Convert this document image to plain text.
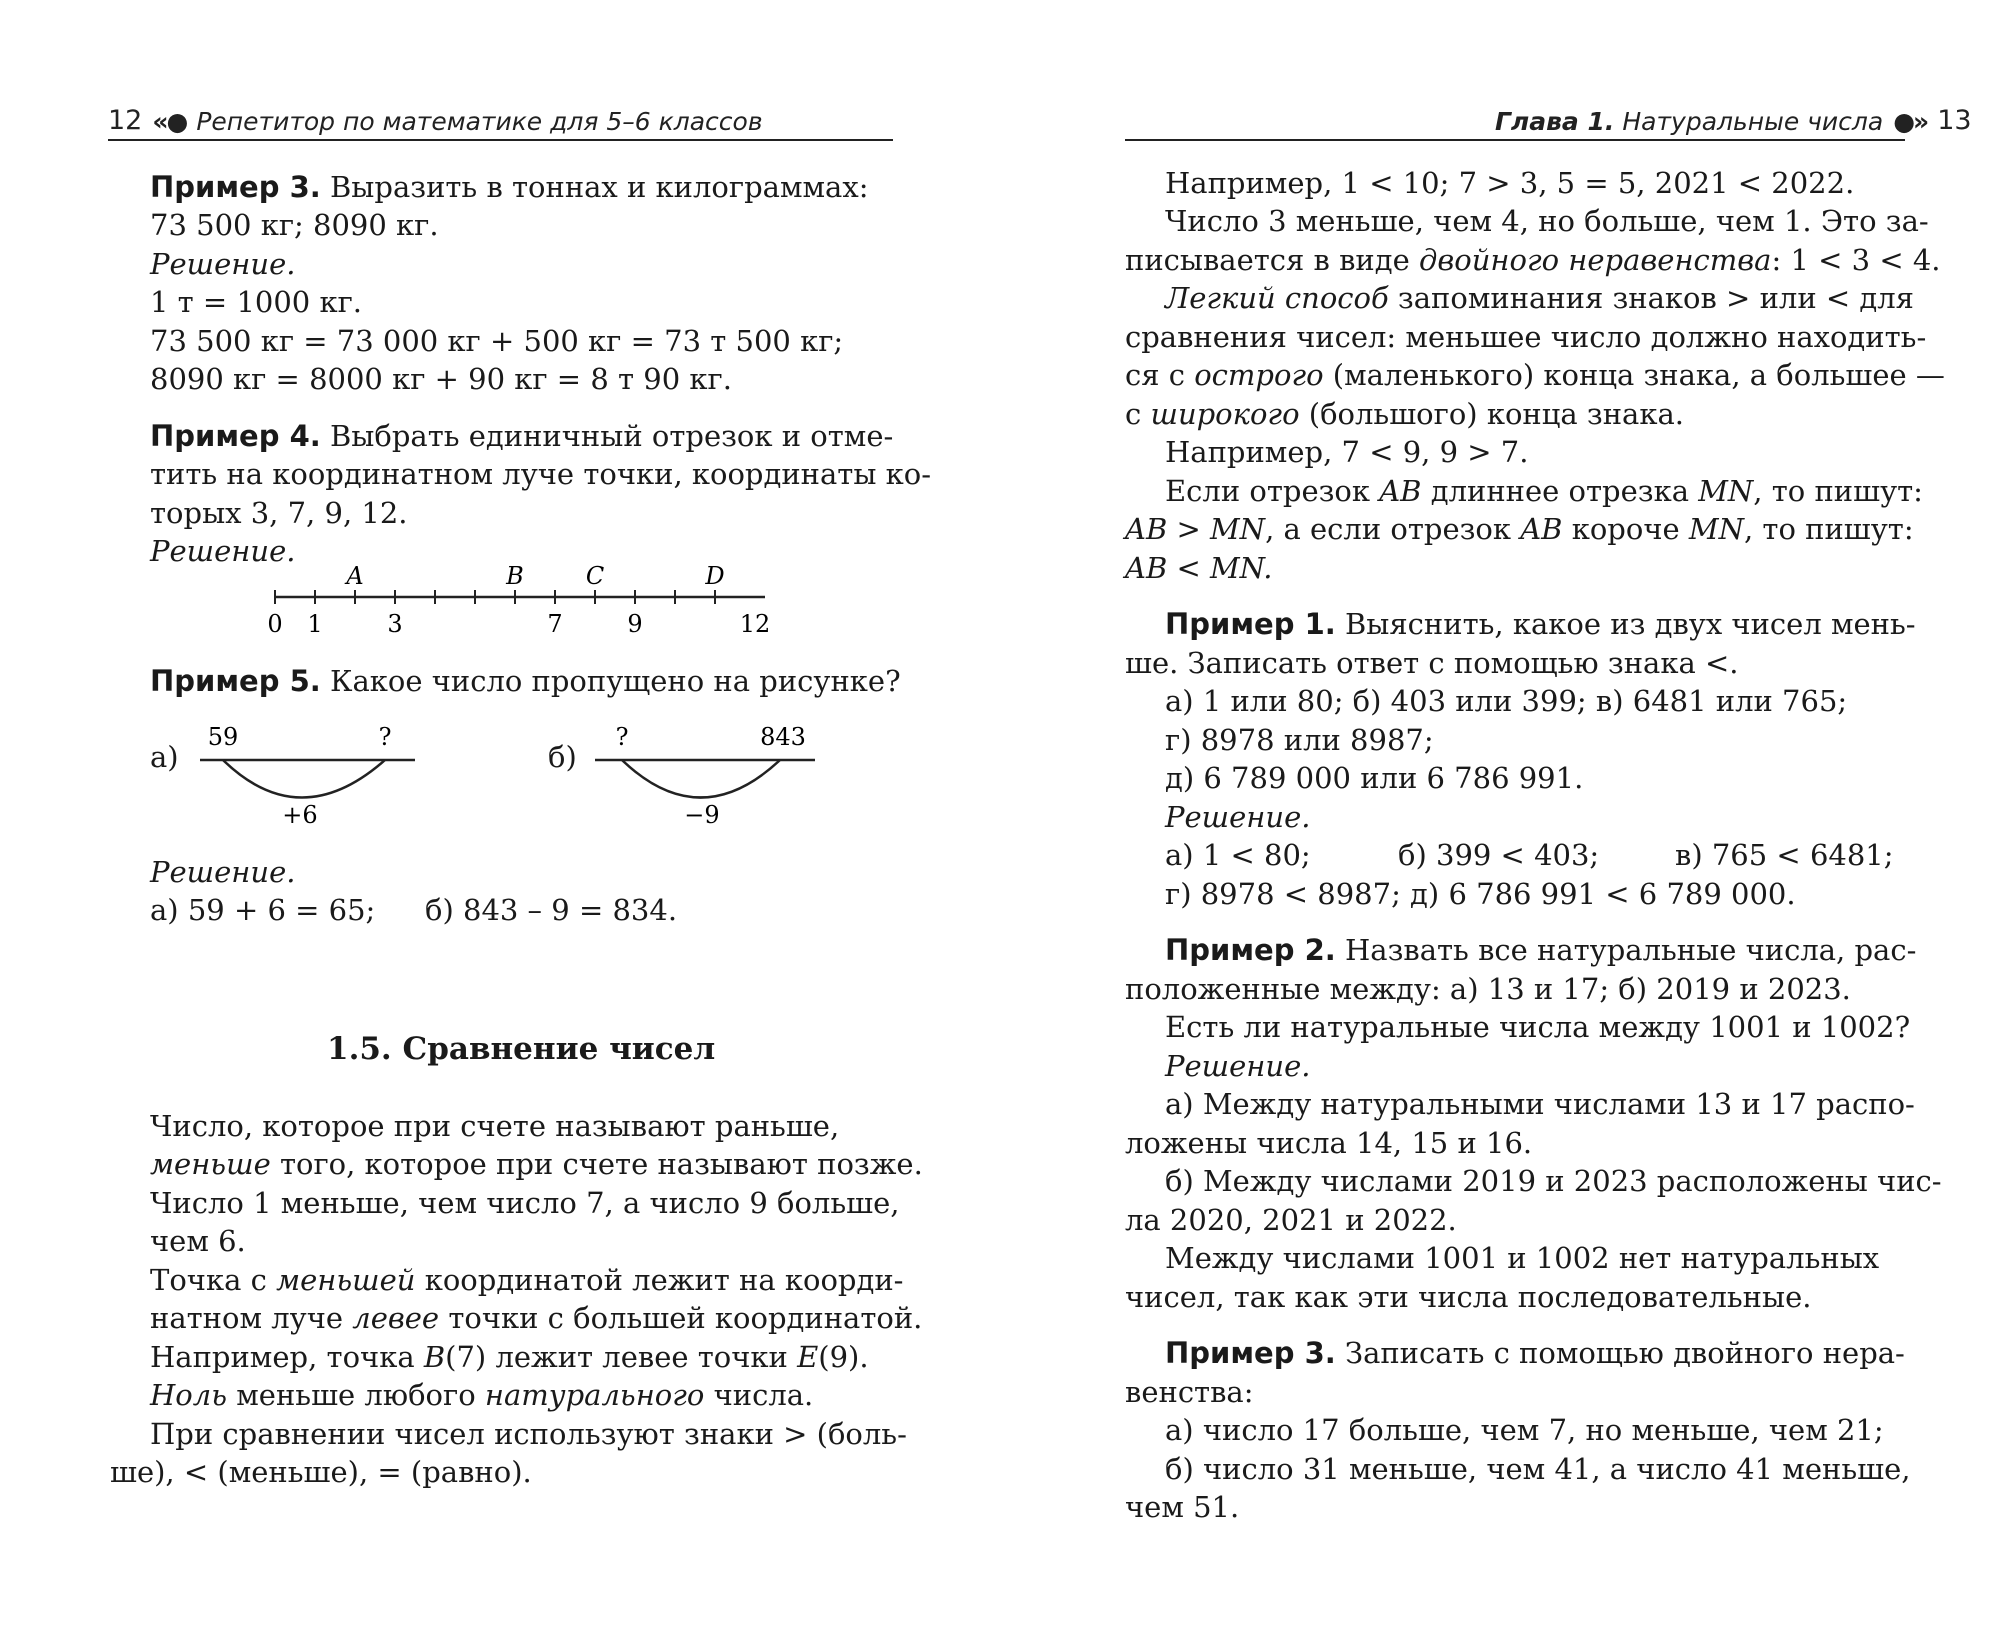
12 «● Репетитор по математике для 5–6 классов

Пример 3. Выразить в тоннах и килограммах:

73 500 кг; 8090 кг.

Решение.

1 т = 1000 кг.

73 500 кг = 73 000 кг + 500 кг = 73 т 500 кг;

8090 кг = 8000 кг + 90 кг = 8 т 90 кг.

Пример 4. Выбрать единичный отрезок и отме-

тить на координатном луче точки, координаты ко-

торых 3, 7, 9, 12.

Решение.

A	B	C	D
0 1	3	7	9	12

Пример 5. Какое число пропущено на рисунке?

а)
59	?
+6
б)
?	843
−9

Решение.

а) 59 + 6 = 65; б) 843 – 9 = 834.

1.5. Сравнение чисел

Число, которое при счете называют раньше,

меньше того, которое при счете называют позже.

Число 1 меньше, чем число 7, а число 9 больше,

чем 6.

Точка с меньшей координатой лежит на коорди-

натном луче левее точки с большей координатой.

Например, точка B(7) лежит левее точки E(9).

Ноль меньше любого натурального числа.

При сравнении чисел используют знаки > (боль-

ше), < (меньше), = (равно).

Глава 1.
Натуральные числа ●» 13

Например, 1 < 10; 7 > 3, 5 = 5, 2021 < 2022.

Число 3 меньше, чем 4, но больше, чем 1. Это за-

писывается в виде двойного неравенства: 1 < 3 < 4.

Легкий способ запоминания знаков > или < для

сравнения чисел: меньшее число должно находить-

ся с острого (маленького) конца знака, а большее —

с широкого (большого) конца знака.

Например, 7 < 9, 9 > 7.

Если отрезок AB длиннее отрезка MN, то пишут:

AB > MN, а если отрезок AB короче MN, то пишут:

AB < MN.

Пример 1. Выяснить, какое из двух чисел мень-

ше. Записать ответ с помощью знака <.

а) 1 или 80; б) 403 или 399; в) 6481 или 765;

г) 8978 или 8987;

д) 6 789 000 или 6 786 991.

Решение.

а) 1 < 80;	б) 399 < 403;	в) 765 < 6481;

г) 8978 < 8987; д) 6 786 991 < 6 789 000.

Пример 2. Назвать все натуральные числа, рас-

положенные между: а) 13 и 17; б) 2019 и 2023.

Есть ли натуральные числа между 1001 и 1002?

Решение.

а) Между натуральными числами 13 и 17 распо-

ложены числа 14, 15 и 16.

б) Между числами 2019 и 2023 расположены чис-

ла 2020, 2021 и 2022.

Между числами 1001 и 1002 нет натуральных

чисел, так как эти числа последовательные.

Пример 3. Записать с помощью двойного нера-

венства:

а) число 17 больше, чем 7, но меньше, чем 21;

б) число 31 меньше, чем 41, а число 41 меньше,

чем 51.
